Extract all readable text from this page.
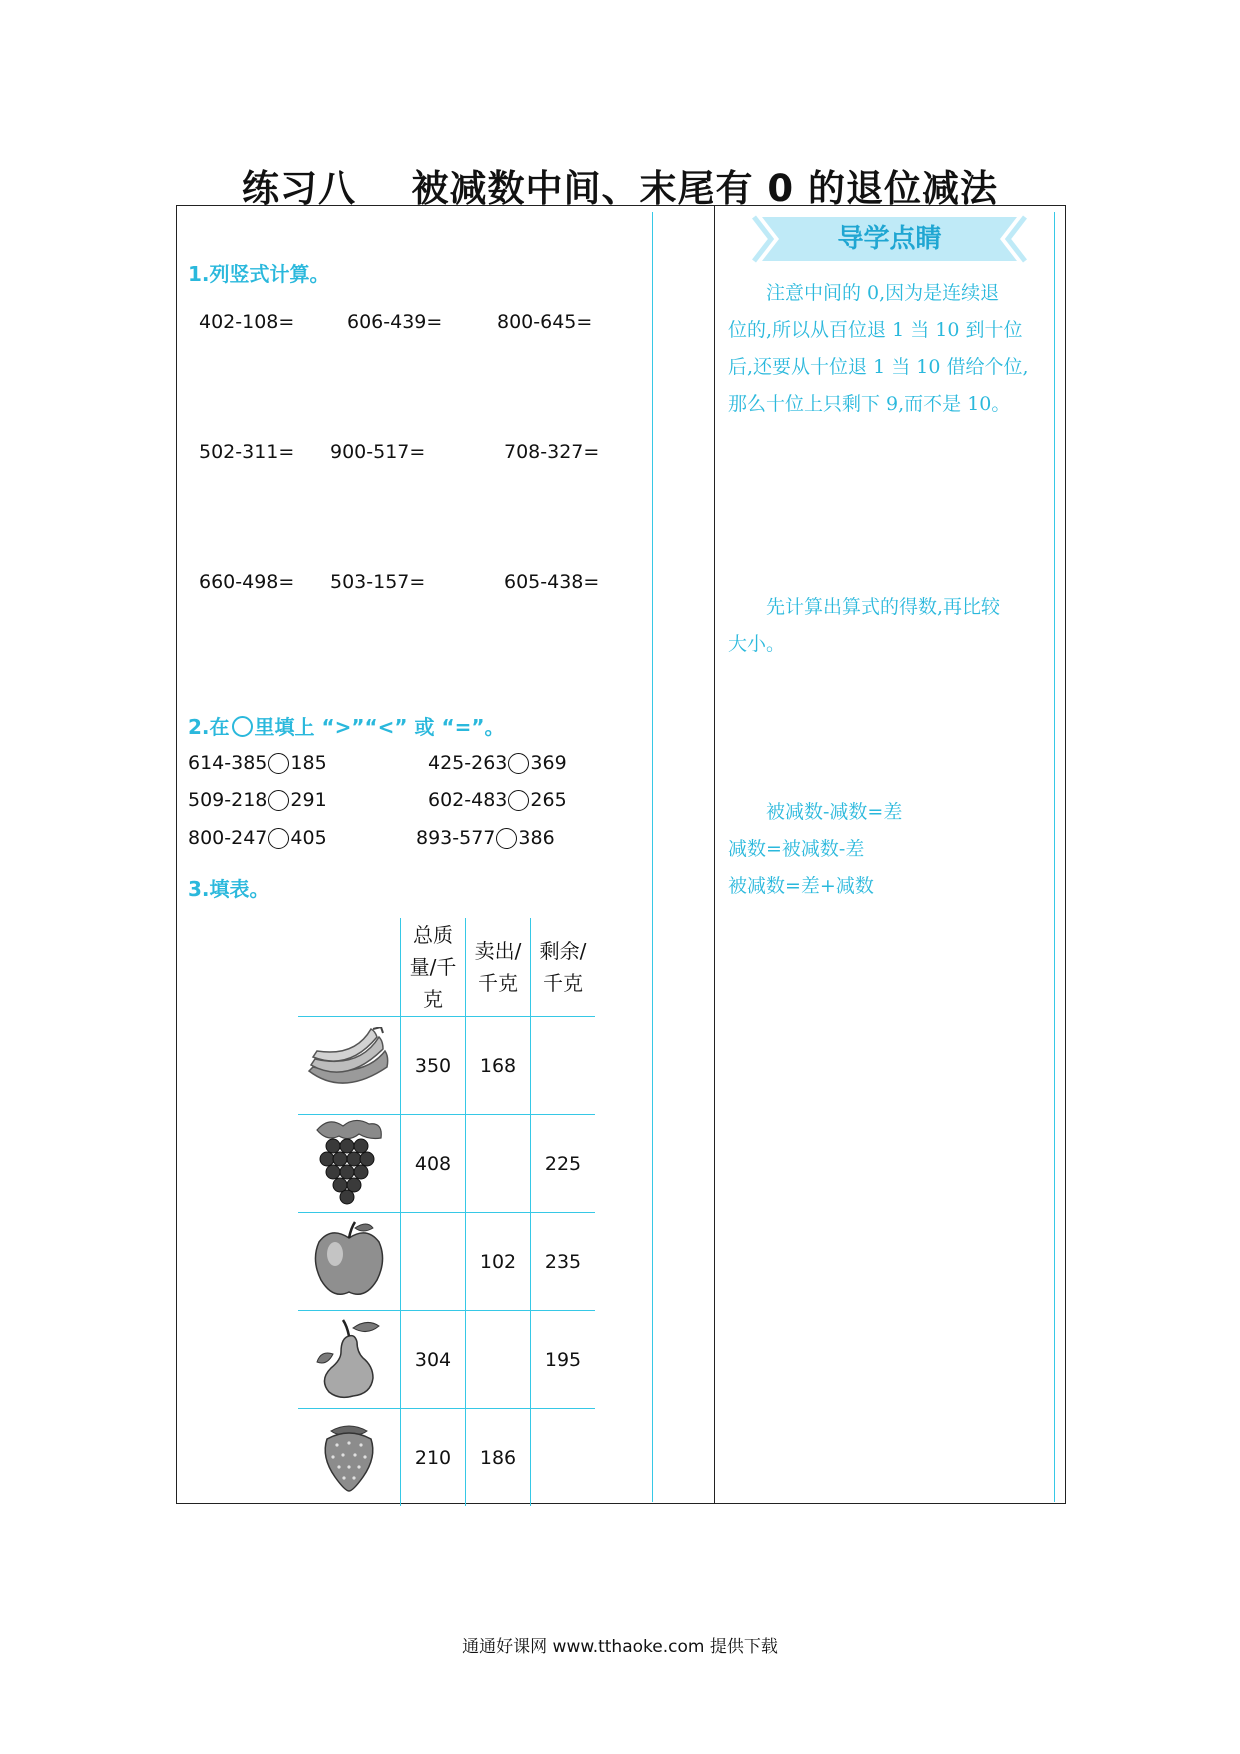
练习八    被减数中间、末尾有 0 的退位减法
1.列竖式计算。
402-108=	606-439=	800-645=
502-311= 900-517=	708-327=
660-498= 503-157=	605-438=
2.在 里填上 “>”“<” 或 “=”。
614-385 185	425-263 369
509-218 291	602-483 265
800-247 405	893-577 386
3.填表。

	总质
量/千
克	卖出/
千克	剩余/
千克

	350	168	
	408		225
		102	235
	304		195
	210	186	
导学点睛
　　注意中间的 0,因为是连续退
位的,所以从百位退 1 当 10 到十位
后,还要从十位退 1 当 10 借给个位,
那么十位上只剩下 9,而不是 10。
　　先计算出算式的得数,再比较
大小。
　　被减数-减数=差
减数=被减数-差
被减数=差+减数
通通好课网 www.tthaoke.com 提供下载
